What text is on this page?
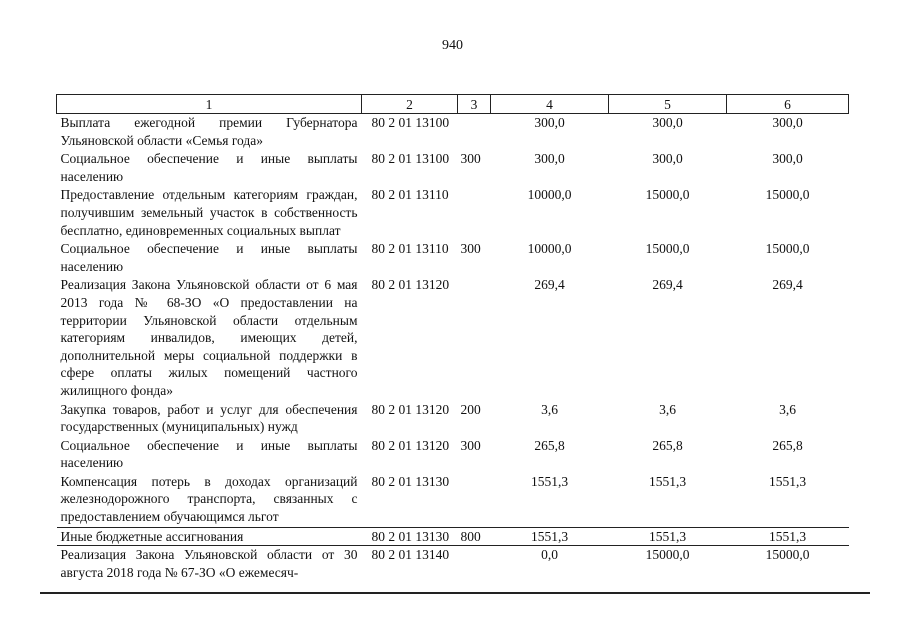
940
1	2	3	4	5	6
Выплата ежегодной премии Губернатора Ульяновской области «Семья года»	80 2 01 13100		300,0	300,0	300,0
Социальное обеспечение и иные выплаты населению	80 2 01 13100	300	300,0	300,0	300,0
Предоставление отдельным категориям граждан, получившим земельный участок в собственность бесплатно, единовременных социальных выплат	80 2 01 13110		10000,0	15000,0	15000,0
Социальное обеспечение и иные выплаты населению	80 2 01 13110	300	10000,0	15000,0	15000,0
Реализация Закона Ульяновской области от 6 мая 2013 года № 68-ЗО «О предоставлении на территории Ульяновской области отдельным категориям инвалидов, имеющих детей, дополнительной меры социальной поддержки в сфере оплаты жилых помещений частного жилищного фонда»	80 2 01 13120		269,4	269,4	269,4
Закупка товаров, работ и услуг для обеспечения государственных (муниципальных) нужд	80 2 01 13120	200	3,6	3,6	3,6
Социальное обеспечение и иные выплаты населению	80 2 01 13120	300	265,8	265,8	265,8
Компенсация потерь в доходах организаций железнодорожного транспорта, связанных с предоставлением обучающимся льгот	80 2 01 13130		1551,3	1551,3	1551,3
Иные бюджетные ассигнования	80 2 01 13130	800	1551,3	1551,3	1551,3
Реализация Закона Ульяновской области от 30 августа 2018 года № 67-ЗО «О ежемесяч-	80 2 01 13140		0,0	15000,0	15000,0
